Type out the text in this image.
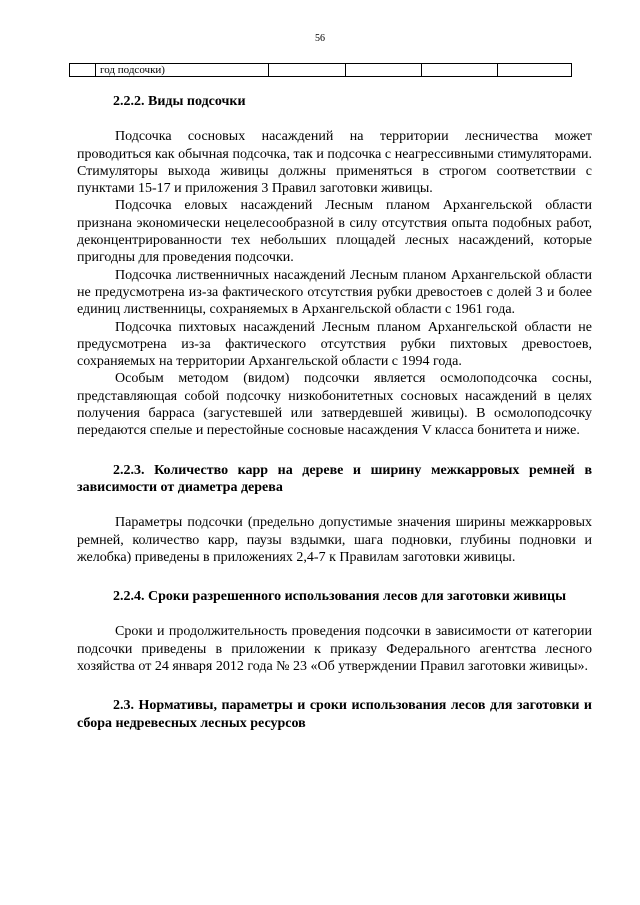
56
	год подсочки)				

2.2.2. Виды подсочки

Подсочка сосновых насаждений на территории лесничества может проводиться как обычная подсочка, так и подсочка с неагрессивными стимуляторами. Стимуляторы выхода живицы должны применяться в строгом соответствии с пунктами 15-17 и приложения 3 Правил заготовки живицы.

Подсочка еловых насаждений Лесным планом Архангельской области признана экономически нецелесообразной в силу отсутствия опыта подобных работ, деконцентрированности тех небольших площадей лесных насаждений, которые пригодны для проведения подсочки.

Подсочка лиственничных насаждений Лесным планом Архангельской области не предусмотрена из-за фактического отсутствия рубки древостоев с долей 3 и более единиц лиственницы, сохраняемых в Архангельской области с 1961 года.

Подсочка пихтовых насаждений Лесным планом Архангельской области не предусмотрена из-за фактического отсутствия рубки пихтовых древостоев, сохраняемых на территории Архангельской области с 1994 года.

Особым методом (видом) подсочки является осмолоподсочка сосны, представляющая собой подсочку низкобонитетных сосновых насаждений в целях получения барраса (загустевшей или затвердевшей живицы). В осмолоподсочку передаются спелые и перестойные сосновые насаждения V класса бонитета и ниже.

2.2.3. Количество карр на дереве и ширину межкарровых ремней в зависимости от диаметра дерева

Параметры подсочки (предельно допустимые значения ширины межкарровых ремней, количество карр, паузы вздымки, шага подновки, глубины подновки и желобка) приведены в приложениях 2,4-7 к Правилам заготовки живицы.

2.2.4. Сроки разрешенного использования лесов для заготовки живицы

Сроки и продолжительность проведения подсочки в зависимости от категории подсочки приведены в приложении к приказу Федерального агентства лесного хозяйства от 24 января 2012 года № 23 «Об утверждении Правил заготовки живицы».

2.3. Нормативы, параметры и сроки использования лесов для заготовки и сбора недревесных лесных ресурсов
